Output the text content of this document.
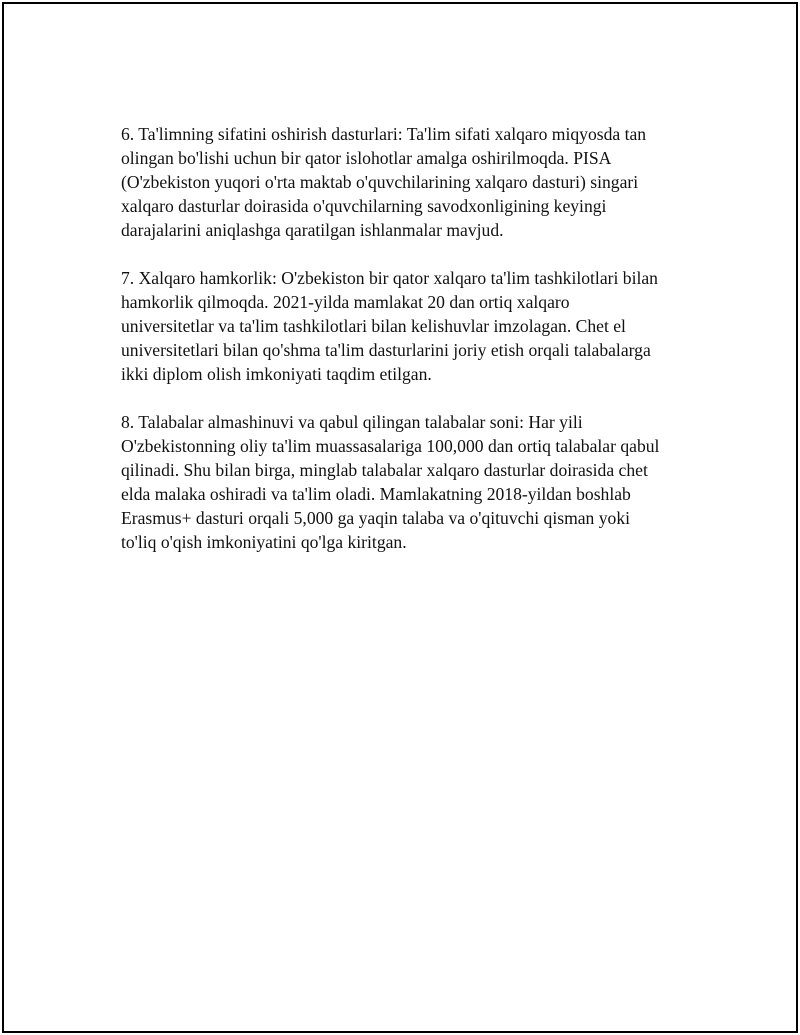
6. Ta'limning sifatini oshirish dasturlari: Ta'lim sifati xalqaro miqyosda tan
olingan bo'lishi uchun bir qator islohotlar amalga oshirilmoqda. PISA
(O'zbekiston yuqori o'rta maktab o'quvchilarining xalqaro dasturi) singari
xalqaro dasturlar doirasida o'quvchilarning savodxonligining keyingi
darajalarini aniqlashga qaratilgan ishlanmalar mavjud.

7. Xalqaro hamkorlik: O'zbekiston bir qator xalqaro ta'lim tashkilotlari bilan
hamkorlik qilmoqda. 2021-yilda mamlakat 20 dan ortiq xalqaro
universitetlar va ta'lim tashkilotlari bilan kelishuvlar imzolagan. Chet el
universitetlari bilan qo'shma ta'lim dasturlarini joriy etish orqali talabalarga
ikki diplom olish imkoniyati taqdim etilgan.

8. Talabalar almashinuvi va qabul qilingan talabalar soni: Har yili
O'zbekistonning oliy ta'lim muassasalariga 100,000 dan ortiq talabalar qabul
qilinadi. Shu bilan birga, minglab talabalar xalqaro dasturlar doirasida chet
elda malaka oshiradi va ta'lim oladi. Mamlakatning 2018-yildan boshlab
Erasmus+ dasturi orqali 5,000 ga yaqin talaba va o'qituvchi qisman yoki
to'liq o'qish imkoniyatini qo'lga kiritgan.
